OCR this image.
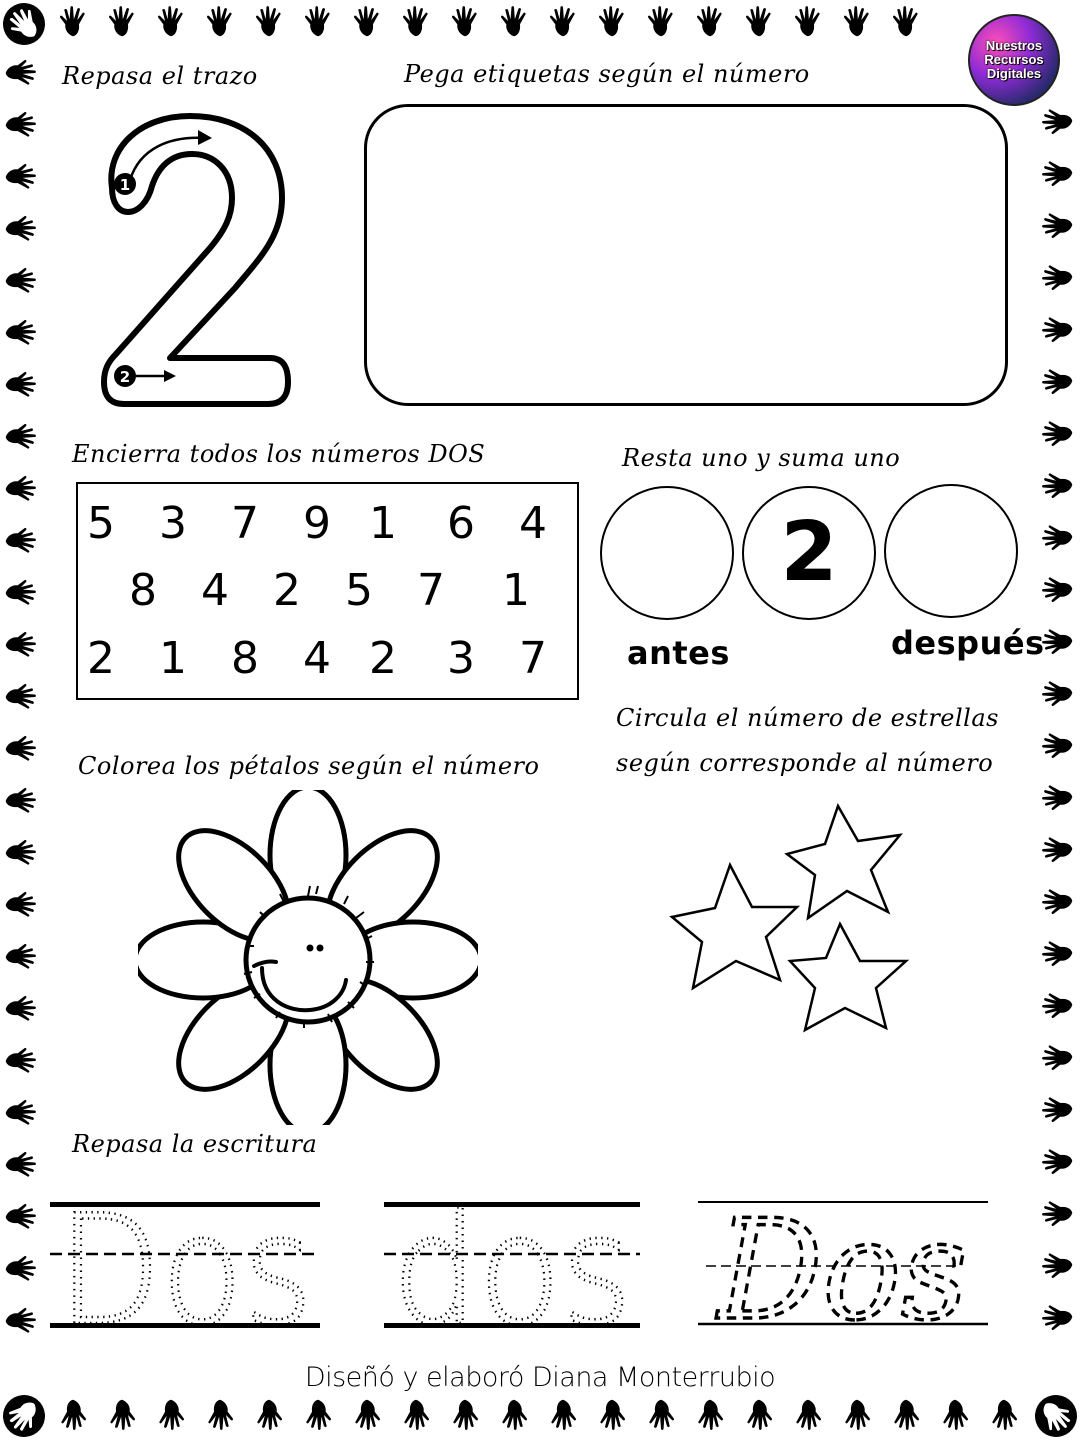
Nuestros
Recursos
Digitales
Repasa el trazo
1
2
Pega etiquetas según el número
Encierra todos los números DOS
5 3 7 9 1 6 4
8 4 2 5 7 1
2 1 8 4 2 3 7
Resta uno y suma uno
2
antes	después
Circula el número de estrellas
según corresponde al número
Colorea los pétalos según el número
Repasa la escritura
Dos dos Dos
Diseñó y elaboró Diana Monterrubio
